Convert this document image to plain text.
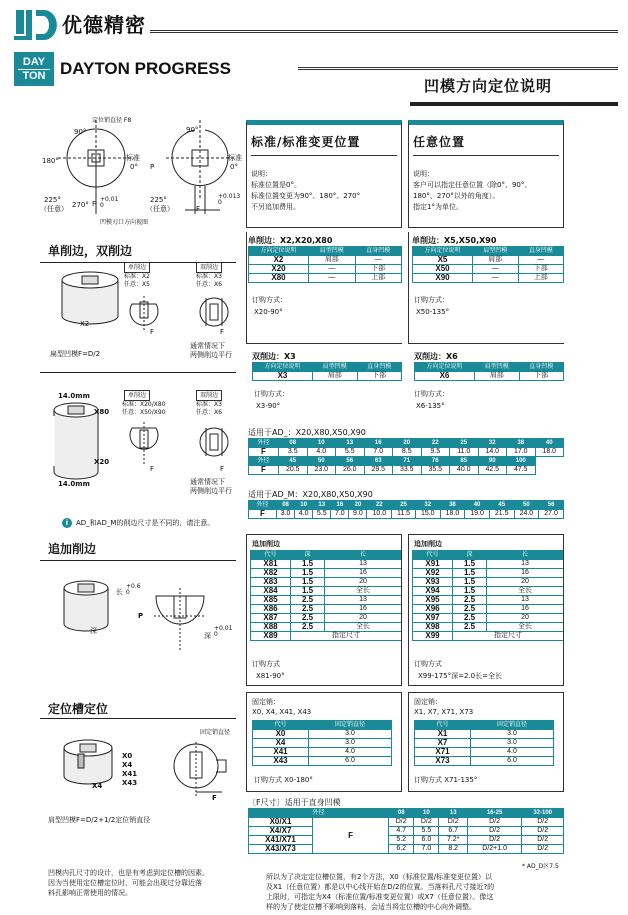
优德精密
DAY
TON DAYTON PROGRESS
凹模方向定位说明
定位销直径 F8
90°	90°
180°	标准
0° P
标准
0°
225°
（任意） 270° F
+0.01
0
225°
（任意）	F
+0.013
0
凹模刃口方向视图
标准/标准变更位置
说明：
标准位置是0°。
标准位置变更为90°、180°、270°
不另追加费用。
任意位置
说明：
客户可以指定任意位置（除0°、90°、
180°、270°以外的角度）。
指定1°为单位。
单削边，双削边
X2
单削边
标准：X2
任意：X5
双削边
标准：X3
任意：X6
F	F
扁型凹模F=D/2
通常情况下
两侧削边平行
14.0mm
X80
X20
14.0mm
单削边
标准：X20/X80
任意：X50/X90
双削边
标准：X3
任意：X6
F	F
通常情况下
两侧削边平行
i	AD_和AD_M的削边尺寸是不同的，请注意。
单削边：X2,X20,X80
方向定位说明	肩型凹模	直身凹模
X2	肩部	—
X20	—	下部
X80	—	上部
订购方式：
X20-90°
单削边：X5,X50,X90
方向定位说明	肩型凹模	直身凹模
X5	肩部	—
X50	—	下部
X90	—	上部
订购方式：
X50-135°
双削边：X3
方向定位说明	肩型凹模	直身凹模
X3	肩部	下部
订购方式：
X3-90°
双削边：X6
方向定位说明	肩型凹模	直身凹模
X6	肩部	下部
订购方式：
X6-135°
适用于AD_：X20,X80,X50,X90
外径	08	10	13	16	20	22	25	32	38	40
F	3.5	4.0	5.5	7.0	8.5	9.5	11.0	14.0	17.0	18.0
外径	45	50	56	63	71	76	85	90	100	
F	20.5	23.0	26.0	29.5	33.5	35.5	40.0	42.5	47.5	
适用于AD_M：X20,X80,X50,X90
外径	08	10	13	16	20	22	25	32	38	40	45	50	56
F	3.0	4.0	5.5	7.0	9.0	10.0	11.5	15.0	18.0	19.0	21.5	24.0	27.0
追加削边
长
+0.6
0
深
P
深
+0.01
0
追加削边
代号	深	长
X81	1.5	13
X82	1.5	16
X83	1.5	20
X84	1.5	全长
X85	2.5	13
X86	2.5	16
X87	2.5	20
X88	2.5	全长
X89	指定尺寸	
订购方式
X81-90°
追加削边
代号	深	长
X91	1.5	13
X92	1.5	16
X93	1.5	20
X94	1.5	全长
X95	2.5	13
X96	2.5	16
X97	2.5	20
X98	2.5	全长
X99	指定尺寸	
订购方式
X99-175°深=2.0长=全长
定位槽定位
X0
X4
X41
X43
X4
固定销直径
F
肩型凹模F=D/2+1/2定位销直径
固定销：
X0, X4, X41, X43
代号	固定销直径
X0	3.0
X4	3.0
X41	4.0
X43	6.0
订购方式 X0-180°
固定销：
X1, X7, X71, X73
代号	固定销直径
X1	3.0
X7	3.0
X71	4.0
X73	6.0
订购方式 X71-135°
〔F尺寸〕适用于直身凹模
外径		08	10	13	16-25	32-100
X0/X1	F	D/2	D/2	D/2	D/2	D/2
X4/X7		4.7	5.5	6.7	D/2	D/2
X41/X71		5.2	6.0	7.2*	D/2	D/2
X43/X73		6.2	7.0	8.2	D/2+1.0	D/2
* AD_D区7.5
凹模内孔尺寸的设计，也是有考虑到定位槽的因素。
因为当使用定位槽定位时，可能会出现过分靠近落
料孔影响正常使用的情况。
所以为了决定定位槽位置，有2个方法，X0（标准位置/标准变更位置）以
及X1（任意位置）都是以中心线开始在D/2的位置。当落料孔尺寸接近?的
上限时，可指定为X4（标准位置/标准变更位置）或X7（任意位置）。像这
样的为了使定位槽不影响到落料，会适当将定位槽的中心向外调整。
